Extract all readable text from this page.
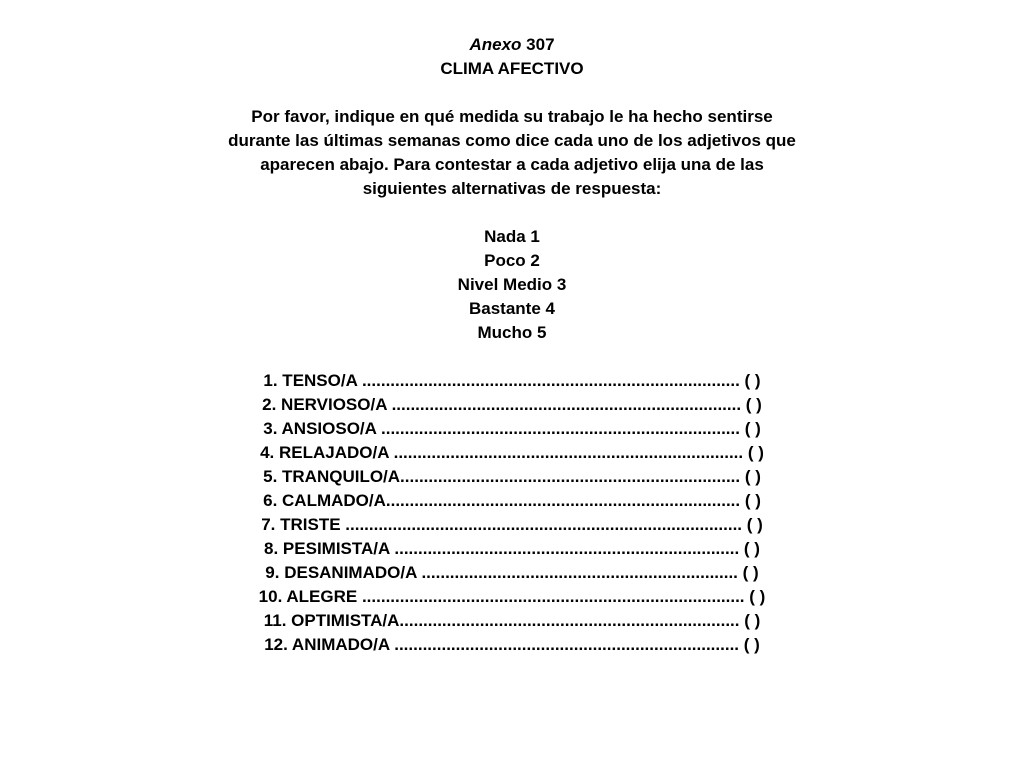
Anexo 307
CLIMA AFECTIVO
Por favor, indique en qué medida su trabajo le ha hecho sentirse
durante las últimas semanas como dice cada uno de los adjetivos que
aparecen abajo. Para contestar a cada adjetivo elija una de las
siguientes alternativas de respuesta:
Nada 1
Poco 2
Nivel Medio 3
Bastante 4
Mucho 5
1. TENSO/A ................................................................................ ( )
2. NERVIOSO/A .......................................................................... ( )
3. ANSIOSO/A ............................................................................ ( )
4. RELAJADO/A .......................................................................... ( )
5. TRANQUILO/A........................................................................ ( )
6. CALMADO/A........................................................................... ( )
7. TRISTE .................................................................................... ( )
8. PESIMISTA/A ......................................................................... ( )
9. DESANIMADO/A ................................................................... ( )
10. ALEGRE ................................................................................. ( )
11. OPTIMISTA/A........................................................................ ( )
12. ANIMADO/A ......................................................................... ( )
